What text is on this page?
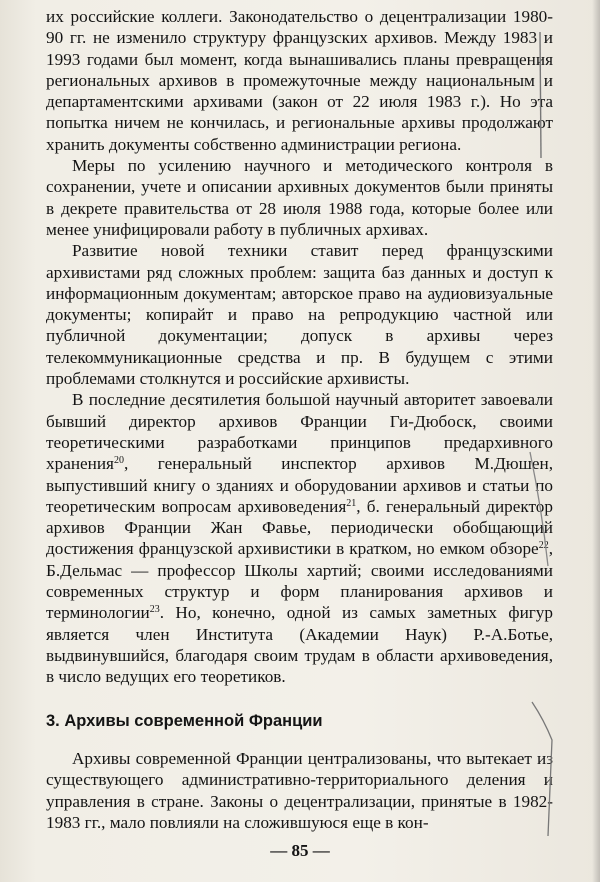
их российские коллеги. Законодательство о децентрализации 1980-90 гг. не изменило структуру французских архивов. Между 1983 и 1993 годами был момент, когда вынашивались планы превращения региональных архивов в промежуточные между национальным и департаментскими архивами (закон от 22 июля 1983 г.). Но эта попытка ничем не кончилась, и региональные архивы продолжают хранить документы собственно администрации региона.

Меры по усилению научного и методического контроля в сохранении, учете и описании архивных документов были приняты в декрете правительства от 28 июля 1988 года, которые более или менее унифицировали работу в публичных архивах.

Развитие новой техники ставит перед французскими архивистами ряд сложных проблем: защита баз данных и доступ к информационным документам; авторское право на аудиовизуальные документы; копирайт и право на репродукцию частной или публичной документации; допуск в архивы через телекоммуникационные средства и пр. В будущем с этими проблемами столкнутся и российские архивисты.

В последние десятилетия большой научный авторитет завоевали бывший директор архивов Франции Ги-Дюбоск, своими теоретическими разработками принципов предархивного хранения$^{20}$, генеральный инспектор архивов М.Дюшен, выпустивший книгу о зданиях и оборудовании архивов и статьи по теоретическим вопросам архивоведения$^{21}$, б. генеральный директор архивов Франции Жан Фавье, периодически обобщающий достижения французской архивистики в кратком, но емком обзоре$^{22}$, Б.Дельмас — профессор Школы хартий; своими исследованиями современных структур и форм планирования архивов и терминологии$^{23}$. Но, конечно, одной из самых заметных фигур является член Института (Академии Наук) Р.-А.Ботье, выдвинувшийся, благодаря своим трудам в области архивоведения, в число ведущих его теоретиков.

3. Архивы современной Франции

Архивы современной Франции централизованы, что вытекает из существующего административно-территориального деления и управления в стране. Законы о децентрализации, принятые в 1982-1983 гг., мало повлияли на сложившуюся еще в кон-

— 85 —
